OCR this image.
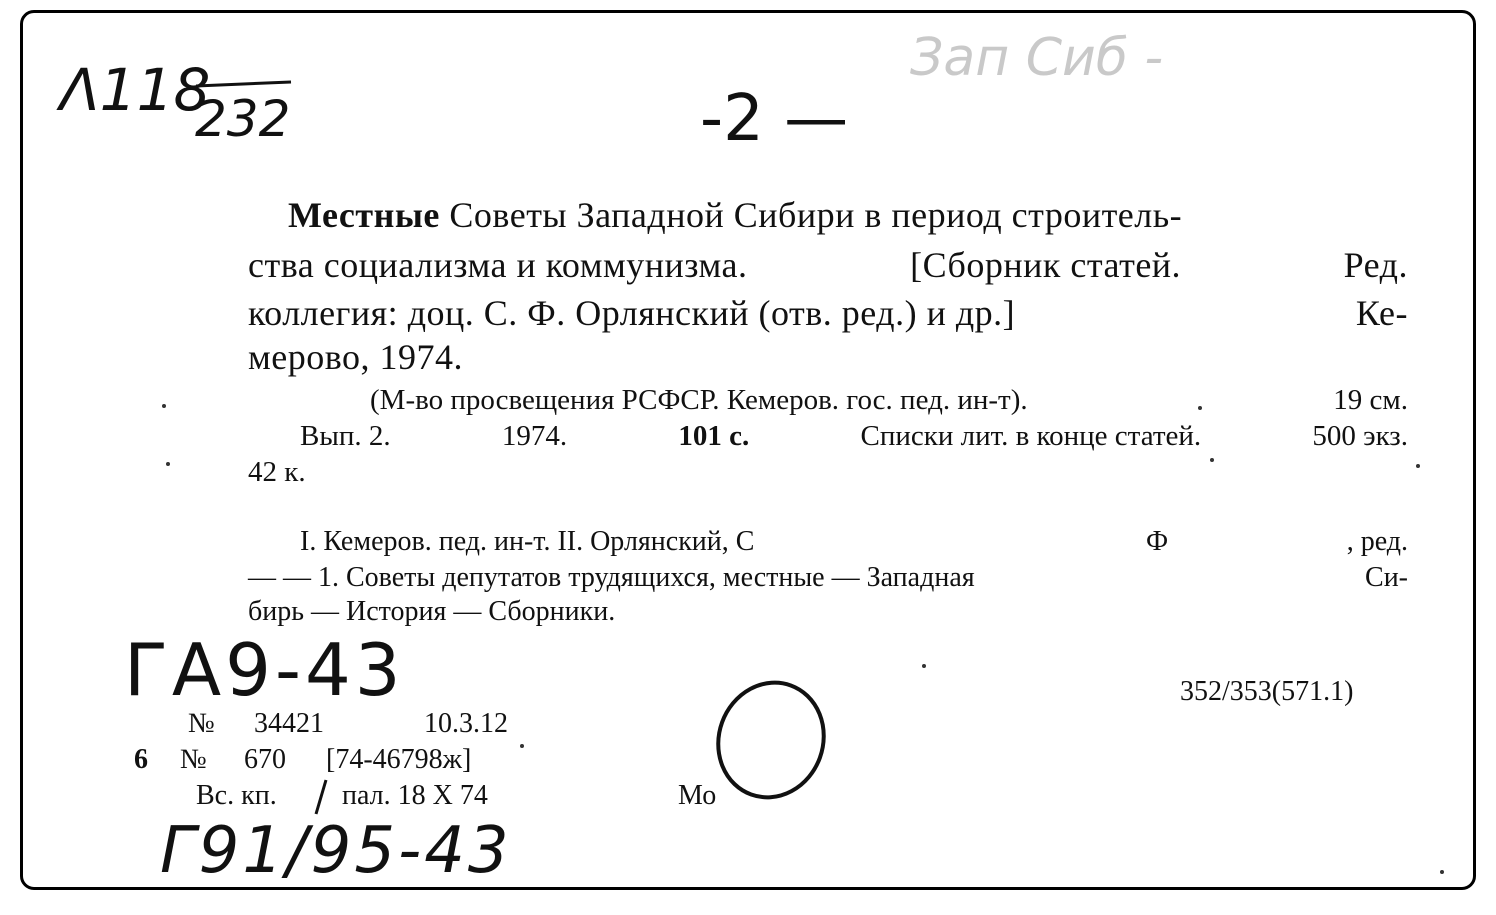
Λ118
232	-2 —
Зап Сиб -
Местные Советы Западной Сибири в период строитель-
ства социализма и коммунизма.	[Сборник статей.	Ред.
коллегия: доц. С. Ф. Орлянский (отв. ред.) и др.]	Ке-
мерово, 1974.
(М-во просвещения РСФСР. Кемеров. гос. пед. ин-т).	19 см.
Вып. 2.	1974.	101 с.	Списки лит. в конце статей.	500 экз.
42 к.
I. Кемеров. пед. ин-т. II. Орлянский, С	Ф	, ред.
— — 1. Советы депутатов трудящихся, местные — Западная	Си-
бирь — История — Сборники.
352/353(571.1)
№ 34421	10.3.12
6 № 670 [74-46798ж]
Вс. кп. пал. 18 X 74	Мо
ГА9-43
Г91/95-43
